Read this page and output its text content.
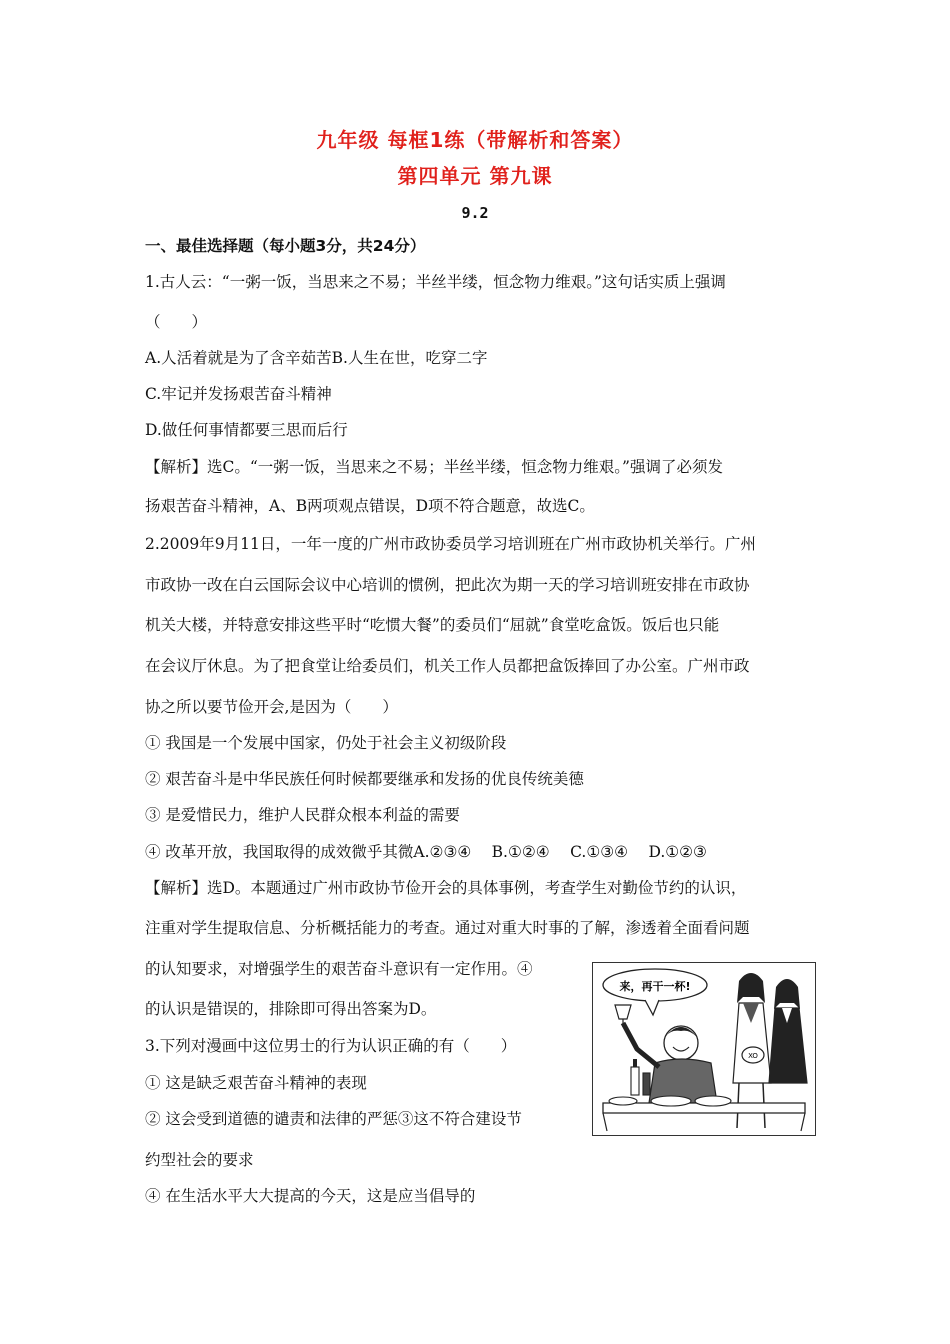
九年级 每框1练（带解析和答案）
第四单元 第九课
9.2
一、最佳选择题（每小题3分，共24分）
1.古人云：“一粥一饭，当思来之不易；半丝半缕，恒念物力维艰。”这句话实质上强调
（　　）
A.人活着就是为了含辛茹苦B.人生在世，吃穿二字
C.牢记并发扬艰苦奋斗精神
D.做任何事情都要三思而后行
【解析】选C。“一粥一饭，当思来之不易；半丝半缕，恒念物力维艰。”强调了必须发
扬艰苦奋斗精神，A、B两项观点错误，D项不符合题意，故选C。
2.2009年9月11日，一年一度的广州市政协委员学习培训班在广州市政协机关举行。广州
市政协一改在白云国际会议中心培训的惯例，把此次为期一天的学习培训班安排在市政协
机关大楼，并特意安排这些平时“吃惯大餐”的委员们“屈就”食堂吃盒饭。饭后也只能
在会议厅休息。为了把食堂让给委员们，机关工作人员都把盒饭捧回了办公室。广州市政
协之所以要节俭开会,是因为（　　）
① 我国是一个发展中国家，仍处于社会主义初级阶段
② 艰苦奋斗是中华民族任何时候都要继承和发扬的优良传统美德
③ 是爱惜民力，维护人民群众根本利益的需要
④ 改革开放，我国取得的成效微乎其微A.②③④　 B.①②④　 C.①③④　 D.①②③
【解析】选D。本题通过广州市政协节俭开会的具体事例，考查学生对勤俭节约的认识，
注重对学生提取信息、分析概括能力的考查。通过对重大时事的了解，渗透着全面看问题
的认知要求，对增强学生的艰苦奋斗意识有一定作用。④
的认识是错误的，排除即可得出答案为D。
3.下列对漫画中这位男士的行为认识正确的有（　　）
① 这是缺乏艰苦奋斗精神的表现
② 这会受到道德的谴责和法律的严惩③这不符合建设节
约型社会的要求
④ 在生活水平大大提高的今天，这是应当倡导的
来，再干一杯!
XO
